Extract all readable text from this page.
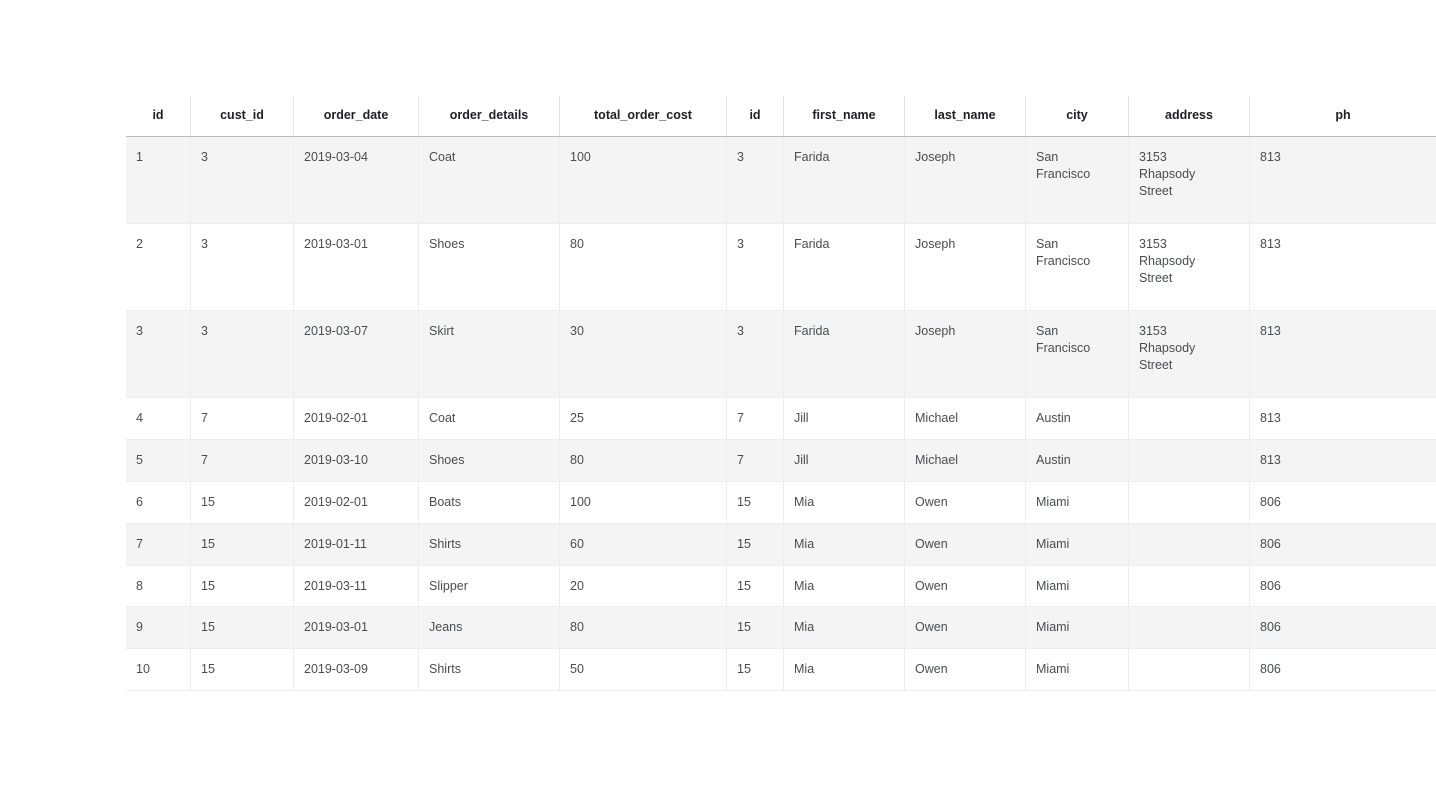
id	cust_id	order_date	order_details	total_order_cost	id	first_name	last_name	city	address	ph
1	3	2019-03-04	Coat	100	3	Farida	Joseph	San Francisco	3153 Rhapsody Street	813
2	3	2019-03-01	Shoes	80	3	Farida	Joseph	San Francisco	3153 Rhapsody Street	813
3	3	2019-03-07	Skirt	30	3	Farida	Joseph	San Francisco	3153 Rhapsody Street	813
4	7	2019-02-01	Coat	25	7	Jill	Michael	Austin		813
5	7	2019-03-10	Shoes	80	7	Jill	Michael	Austin		813
6	15	2019-02-01	Boats	100	15	Mia	Owen	Miami		806
7	15	2019-01-11	Shirts	60	15	Mia	Owen	Miami		806
8	15	2019-03-11	Slipper	20	15	Mia	Owen	Miami		806
9	15	2019-03-01	Jeans	80	15	Mia	Owen	Miami		806
10	15	2019-03-09	Shirts	50	15	Mia	Owen	Miami		806
